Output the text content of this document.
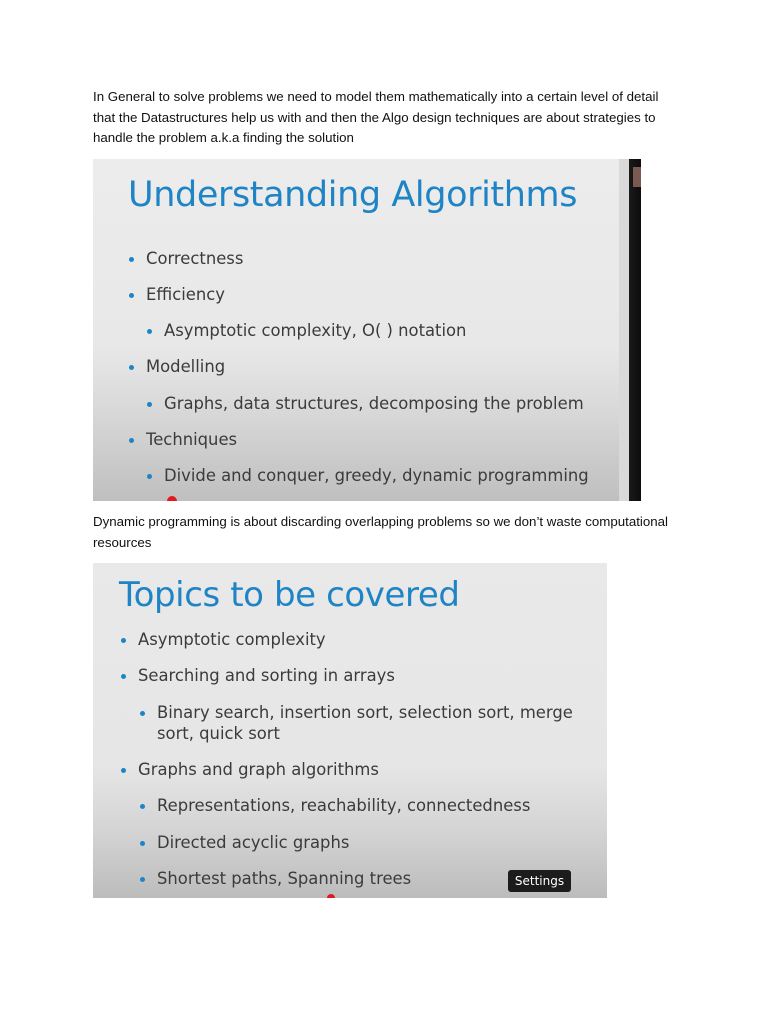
In General to solve problems we need to model them mathematically into a certain level of detail that the Datastructures help us with and then the Algo design techniques are about strategies to handle the problem a.k.a finding the solution

Understanding Algorithms
Correctness
Efficiency
Asymptotic complexity, O( ) notation
Modelling
Graphs, data structures, decomposing the problem
Techniques
Divide and conquer, greedy, dynamic programming

Dynamic programming is about discarding overlapping problems so we don’t waste computational resources

Topics to be covered
Asymptotic complexity
Searching and sorting in arrays
Binary search, insertion sort, selection sort, merge
sort, quick sort
Graphs and graph algorithms
Representations, reachability, connectedness
Directed acyclic graphs
Shortest paths, Spanning trees	Settings
